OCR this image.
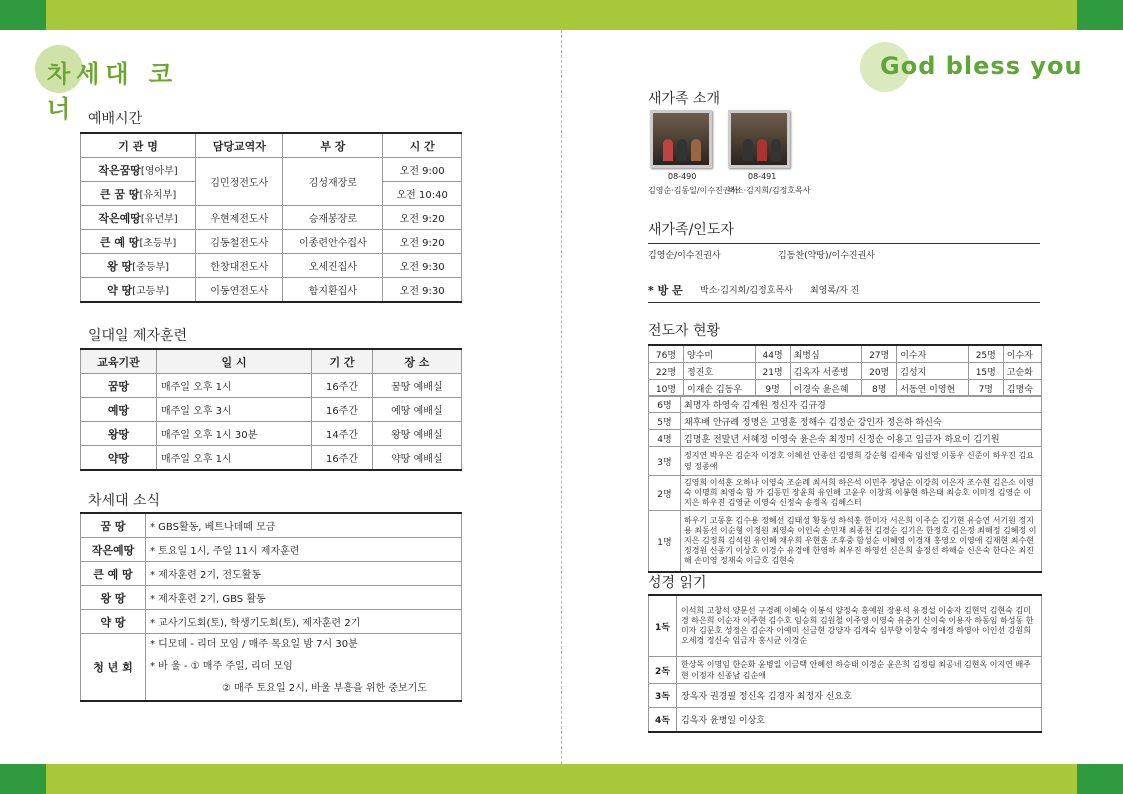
차세대 코너
God bless you
예배시간
기 관 명	담당교역자	부 장	시 간
작은꿈땅[영아부]	김민정전도사	김성재장로	오전 9:00
큰 꿈 땅[유치부]			오전 10:40
작은예땅[유년부]	우현제전도사	승재봉장로	오전 9:20
큰 예 땅[초등부]	김동철전도사	이종련안수집사	오전 9:20
왕 땅[중등부]	한창대전도사	오세진집사	오전 9:30
약 땅[고등부]	이동연전도사	함지환집사	오전 9:30
일대일 제자훈련
교육기관	일 시	기 간	장 소
꿈땅	매주일 오후 1시	16주간	꿈땅 예배실
예땅	매주일 오후 3시	16주간	예땅 예배실
왕땅	매주일 오후 1시 30분	14주간	왕땅 예배실
약땅	매주일 오후 1시	16주간	약땅 예배실
차세대 소식
꿈 땅	* GBS활동, 베트나데떼 모금
작은예땅	* 토요일 1시, 주일 11시 제자훈련
큰 예 땅	* 제자훈련 2기, 전도활동
왕 땅	* 제자훈련 2기, GBS 활동
약 땅	* 교사기도회(토), 학생기도회(토), 제자훈련 2기
청 년 회	* 디모데 - 리더 모임 / 매주 목요일 밤 7시 30분
* 바 울 - ① 매주 주일, 리더 모임
② 매주 토요일 2시, 바울 부흥을 위한 중보기도
새가족 소개
08-490	08-491
김영순·김동일/이수진권사
박소·김지희/김정호목사
새가족/인도자
김영순/이수진권사	김동찬(약땅)/이수진권사
* 방 문 박소·김지희/김정호목사 최영록/자 진
전도자 현황
76명	양수미	44명	최병심	27명	이수자	25명	이수자
22명	정진호	21명	김옥자 서종벙	20명	김성지	15명	고순화
10명	이재순 김동우	9명	이경숙 윤은혜	8명	서동연 이영현	7명	김명숙
6명	최명자 하영숙 김계원 정신자 김규경
5명	채후배 안규례 정명은 고영훈 정해수 김정순 강인자 정은하 하신숙
4명	김명훈 전말년 서혜정 이영숙 윤은숙 최정미 신정순 이용고 임금자 하요이 김기원
3명	정지연 박우은 김순자 이경호 이혜선 안종선 김영희 강순형 김세숙 임선영 이동우 신준이 하우진 김요영 정종애
2명	김영희 이석훈 오하나 이영숙 조순례 최서희 하은석 이민주 정남순 이강희 이은자 조수현 김은소 이영숙 이명희 최영숙 함 가 김동민 장윤희 유인해 고윤우 이창희 이봉현 하은태 최승호 이미정 김영순 이지은 하우진 김영균 이영숙 신정숙 송정옥 김혜스터
1명	하우기 고동훈 김수용 정혜선 김태성 황동성 하석홍 한미자 서은희 이주순 김기현 유승연 서기원 정지용 최동선 이순형 이정원 최영숙 이인숙 손민재 최종천 김경순 김기은 한정호 김은정 최해정 김혜정 이지은 김정희 김석원 유인혜 채우희 우현훈 조후중 함성순 이혜영 이경재 홍영오 이영애 김재현 최수현 정경원 신종기 이상호 이경수 유경애 한영하 최우진 하영선 신은희 송정선 하해승 신은숙 한다은 최진해 손미영 정재숙 이금호 김현숙
성경 읽기
1독	이석희 고창석 양문선 구경례 이혜숙 이봉석 양정숙 홍예원 장용석 유경섭 이숭자 김현덕 김현숙 김미경 하은희 이순자 이주현 김수호 임승희 김원철 이주영 이영숙 유춘기 신이숙 이용자 하동임 하성동 한미자 김문호 성정은 김순자 이예미 신금현 강양자 김계숙 심부향 이창숙 정애경 하영아 이인선 강원희 오세경 정신숙 임금자 홍시균 이경순
2독	한상목 이명임 한순화 윤병일 이금택 안혜선 하승태 이경순 윤은희 김정림 최공네 김현옥 이지연 배주현 이정자 신종남 김순애
3독	장옥자 권경필 정신옥 김경자 최정자 신요호
4독	김옥자 윤병일 이상호
